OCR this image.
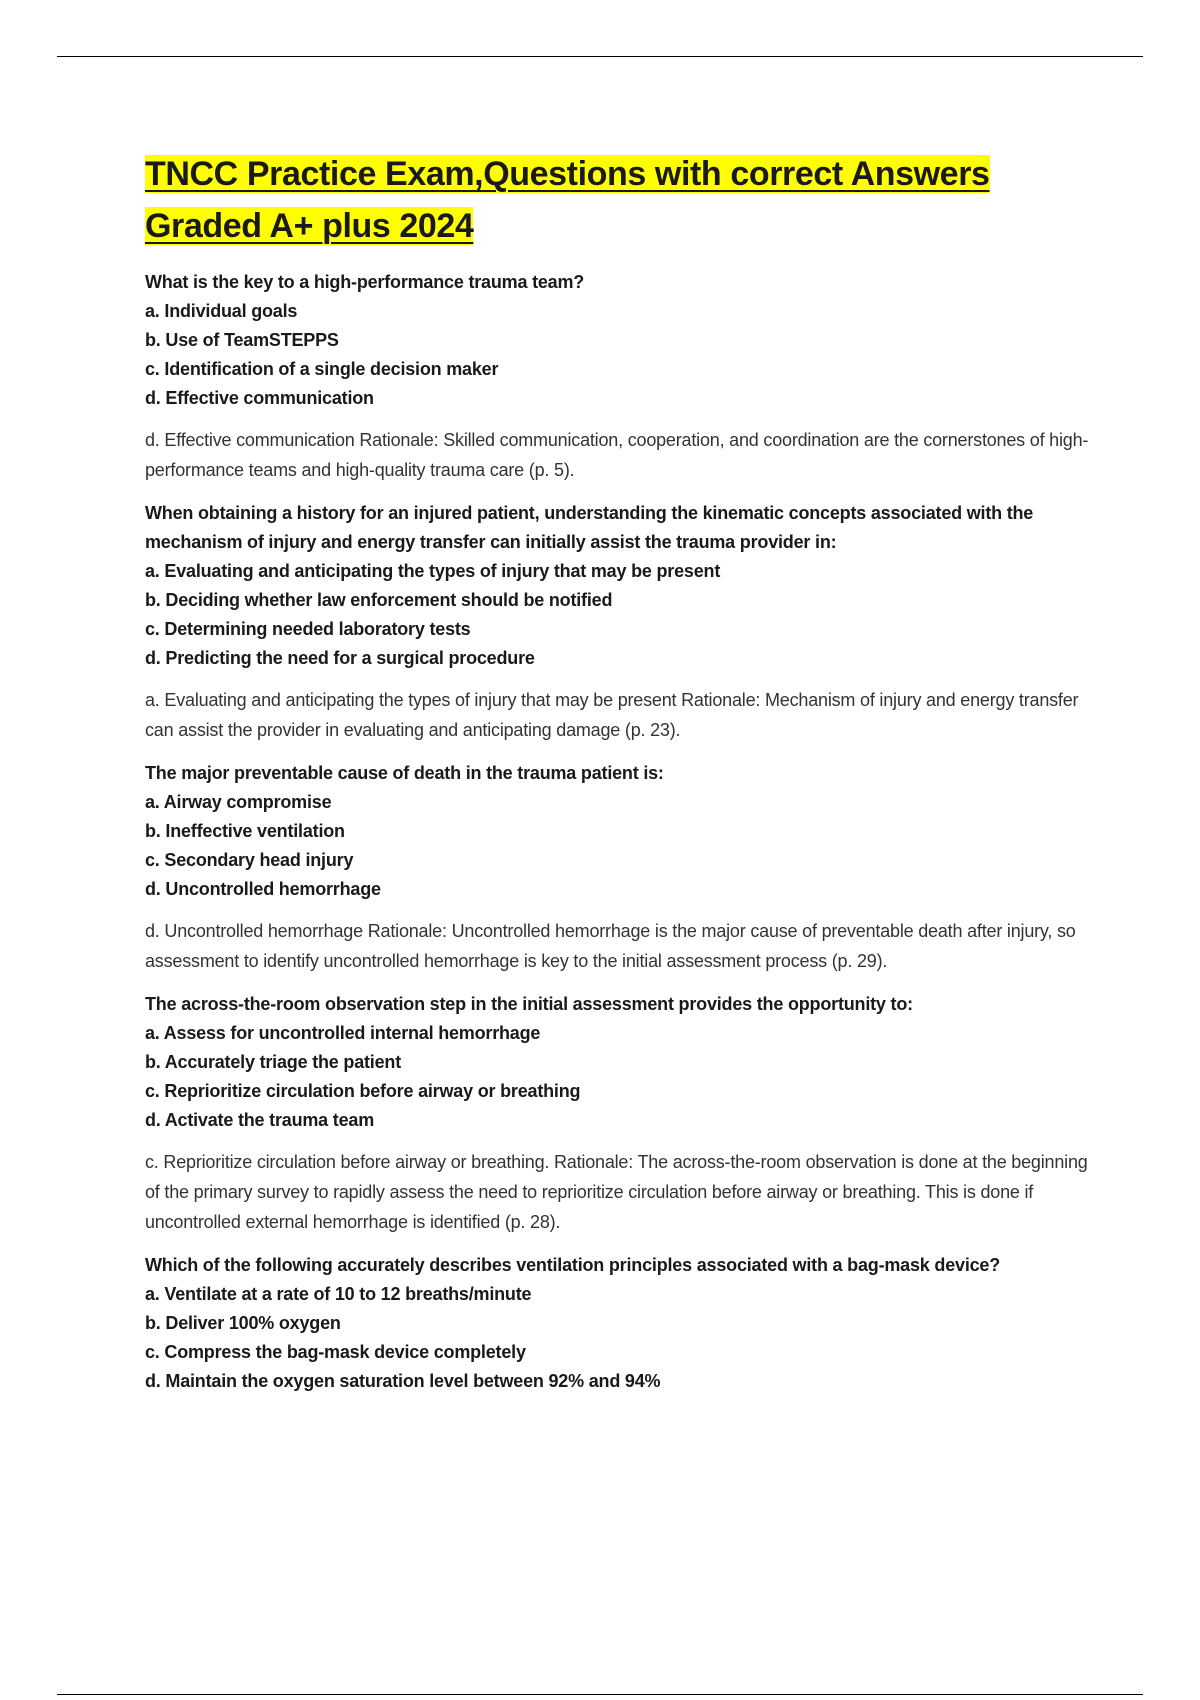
TNCC Practice Exam,Questions with correct Answers Graded A+ plus 2024

What is the key to a high-performance trauma team?

a. Individual goals
b. Use of TeamSTEPPS
c. Identification of a single decision maker
d. Effective communication

d. Effective communication Rationale: Skilled communication, cooperation, and coordination are the cornerstones of high-performance teams and high-quality trauma care (p. 5).

When obtaining a history for an injured patient, understanding the kinematic concepts associated with the mechanism of injury and energy transfer can initially assist the trauma provider in:

a. Evaluating and anticipating the types of injury that may be present
b. Deciding whether law enforcement should be notified
c. Determining needed laboratory tests
d. Predicting the need for a surgical procedure

a. Evaluating and anticipating the types of injury that may be present Rationale: Mechanism of injury and energy transfer can assist the provider in evaluating and anticipating damage (p. 23).

The major preventable cause of death in the trauma patient is:

a. Airway compromise
b. Ineffective ventilation
c. Secondary head injury
d. Uncontrolled hemorrhage

d. Uncontrolled hemorrhage Rationale: Uncontrolled hemorrhage is the major cause of preventable death after injury, so assessment to identify uncontrolled hemorrhage is key to the initial assessment process (p. 29).

The across-the-room observation step in the initial assessment provides the opportunity to:

a. Assess for uncontrolled internal hemorrhage
b. Accurately triage the patient
c. Reprioritize circulation before airway or breathing
d. Activate the trauma team

c. Reprioritize circulation before airway or breathing. Rationale: The across-the-room observation is done at the beginning of the primary survey to rapidly assess the need to reprioritize circulation before airway or breathing. This is done if uncontrolled external hemorrhage is identified (p. 28).

Which of the following accurately describes ventilation principles associated with a bag-mask device?

a. Ventilate at a rate of 10 to 12 breaths/minute
b. Deliver 100% oxygen
c. Compress the bag-mask device completely
d. Maintain the oxygen saturation level between 92% and 94%
